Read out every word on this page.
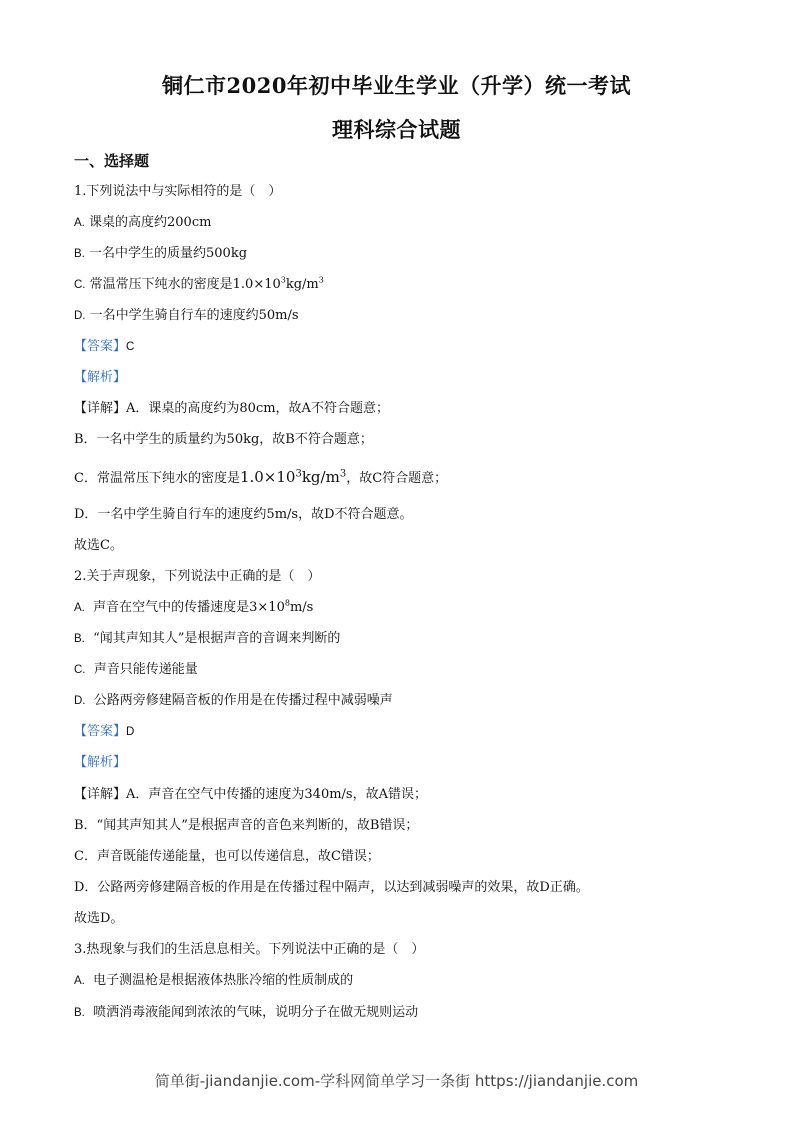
铜仁市2020年初中毕业生学业（升学）统一考试
理科综合试题
一、选择题
1.下列说法中与实际相符的是（　）
A. 课桌的高度约200cm
B. 一名中学生的质量约500kg
C. 常温常压下纯水的密度是$1.0\times 10^3kg/m^3$
D. 一名中学生骑自行车的速度约50m/s
【答案】C
【解析】
【详解】A．课桌的高度约为80cm，故A不符合题意；
B．一名中学生的质量约为50kg，故B不符合题意；
C．常温常压下纯水的密度是$1.0\times 10^3kg/m^3$，故C符合题意；
D．一名中学生骑自行车的速度约5m/s，故D不符合题意。
故选C。
2.关于声现象，下列说法中正确的是（　）
A. 声音在空气中的传播速度是$3\times 10^8m/s$
B. “闻其声知其人”是根据声音的音调来判断的
C. 声音只能传递能量
D. 公路两旁修建隔音板的作用是在传播过程中减弱噪声
【答案】D
【解析】
【详解】A．声音在空气中传播的速度为340m/s，故A错误；
B．“闻其声知其人”是根据声音的音色来判断的，故B错误；
C．声音既能传递能量，也可以传递信息，故C错误；
D．公路两旁修建隔音板的作用是在传播过程中隔声，以达到减弱噪声的效果，故D正确。
故选D。
3.热现象与我们的生活息息相关。下列说法中正确的是（　）
A. 电子测温枪是根据液体热胀冷缩的性质制成的
B. 喷洒消毒液能闻到浓浓的气味，说明分子在做无规则运动
简单街-jiandanjie.com-学科网简单学习一条街 https://jiandanjie.com
